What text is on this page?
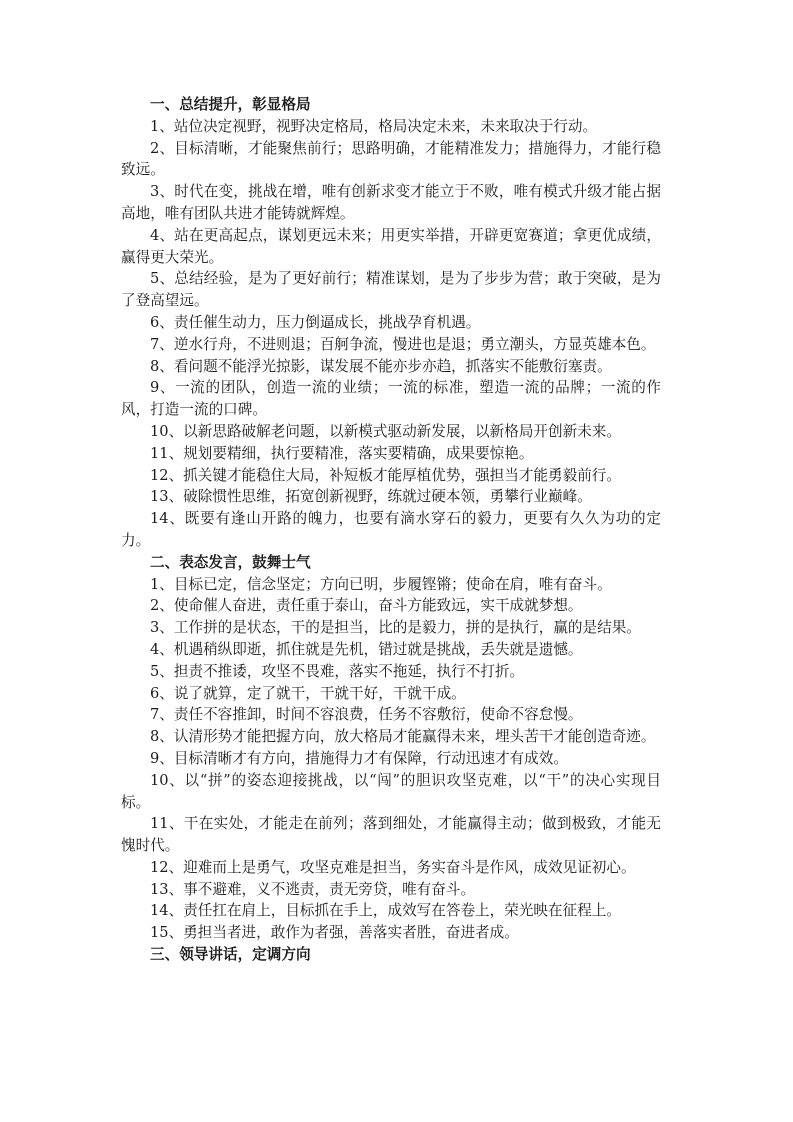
一、总结提升，彰显格局

1、站位决定视野，视野决定格局，格局决定未来，未来取决于行动。

2、目标清晰，才能聚焦前行；思路明确，才能精准发力；措施得力，才能行稳致远。

3、时代在变，挑战在增，唯有创新求变才能立于不败，唯有模式升级才能占据高地，唯有团队共进才能铸就辉煌。

4、站在更高起点，谋划更远未来；用更实举措，开辟更宽赛道；拿更优成绩，赢得更大荣光。

5、总结经验，是为了更好前行；精准谋划，是为了步步为营；敢于突破，是为了登高望远。

6、责任催生动力，压力倒逼成长，挑战孕育机遇。

7、逆水行舟，不进则退；百舸争流，慢进也是退；勇立潮头，方显英雄本色。

8、看问题不能浮光掠影，谋发展不能亦步亦趋，抓落实不能敷衍塞责。

9、一流的团队，创造一流的业绩；一流的标准，塑造一流的品牌；一流的作风，打造一流的口碑。

10、以新思路破解老问题，以新模式驱动新发展，以新格局开创新未来。

11、规划要精细，执行要精准，落实要精确，成果要惊艳。

12、抓关键才能稳住大局，补短板才能厚植优势，强担当才能勇毅前行。

13、破除惯性思维，拓宽创新视野，练就过硬本领，勇攀行业巅峰。

14、既要有逢山开路的魄力，也要有滴水穿石的毅力，更要有久久为功的定力。

二、表态发言，鼓舞士气

1、目标已定，信念坚定；方向已明，步履铿锵；使命在肩，唯有奋斗。

2、使命催人奋进，责任重于泰山，奋斗方能致远，实干成就梦想。

3、工作拼的是状态，干的是担当，比的是毅力，拼的是执行，赢的是结果。

4、机遇稍纵即逝，抓住就是先机，错过就是挑战，丢失就是遗憾。

5、担责不推诿，攻坚不畏难，落实不拖延，执行不打折。

6、说了就算，定了就干，干就干好，干就干成。

7、责任不容推卸，时间不容浪费，任务不容敷衍，使命不容怠慢。

8、认清形势才能把握方向，放大格局才能赢得未来，埋头苦干才能创造奇迹。

9、目标清晰才有方向，措施得力才有保障，行动迅速才有成效。

10、以“拼”的姿态迎接挑战，以“闯”的胆识攻坚克难，以“干”的决心实现目标。

11、干在实处，才能走在前列；落到细处，才能赢得主动；做到极致，才能无愧时代。

12、迎难而上是勇气，攻坚克难是担当，务实奋斗是作风，成效见证初心。

13、事不避难，义不逃责，责无旁贷，唯有奋斗。

14、责任扛在肩上，目标抓在手上，成效写在答卷上，荣光映在征程上。

15、勇担当者进，敢作为者强，善落实者胜，奋进者成。

三、领导讲话，定调方向
